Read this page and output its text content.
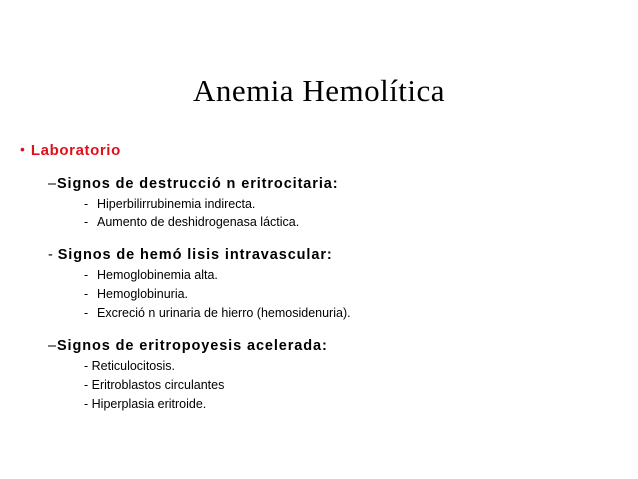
Anemia Hemolítica
• Laboratorio
–Signos de destrucció n eritrocitaria:
- Hiperbilirrubinemia indirecta.
- Aumento de deshidrogenasa láctica.
- Signos de hemó lisis intravascular:
- Hemoglobinemia alta.
- Hemoglobinuria.
- Excreció n urinaria de hierro (hemosidenuria).
–Signos de eritropoyesis acelerada:
- Reticulocitosis.
- Eritroblastos circulantes
- Hiperplasia eritroide.
